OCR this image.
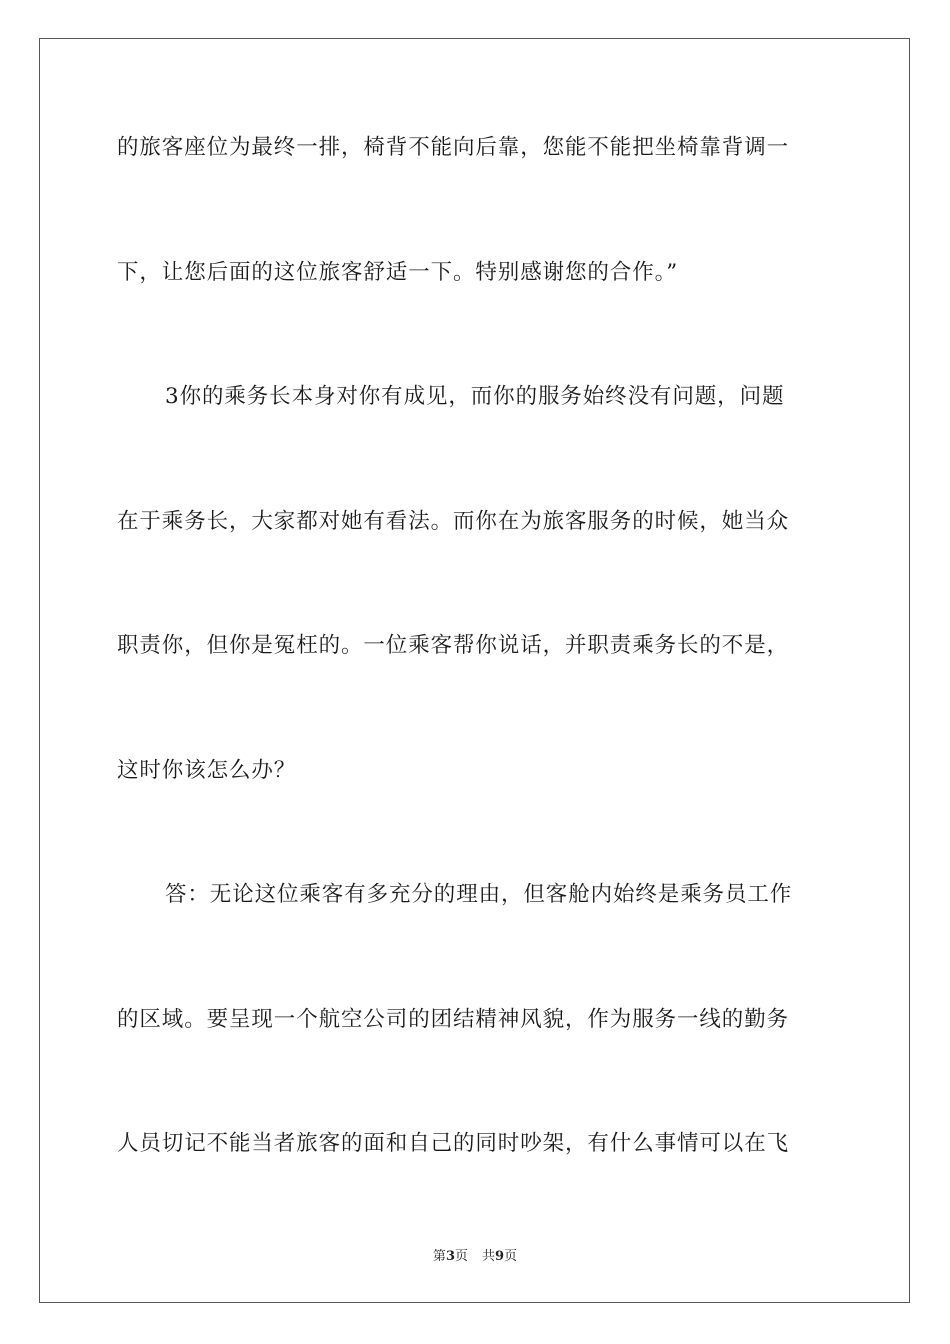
的旅客座位为最终一排，椅背不能向后靠，您能不能把坐椅靠背调一
下，让您后面的这位旅客舒适一下。特别感谢您的合作。”
3你的乘务长本身对你有成见，而你的服务始终没有问题，问题
在于乘务长，大家都对她有看法。而你在为旅客服务的时候，她当众
职责你，但你是冤枉的。一位乘客帮你说话，并职责乘务长的不是，
这时你该怎么办？
答：无论这位乘客有多充分的理由，但客舱内始终是乘务员工作
的区域。要呈现一个航空公司的团结精神风貌，作为服务一线的勤务
人员切记不能当者旅客的面和自己的同时吵架，有什么事情可以在飞
第3页 共9页
